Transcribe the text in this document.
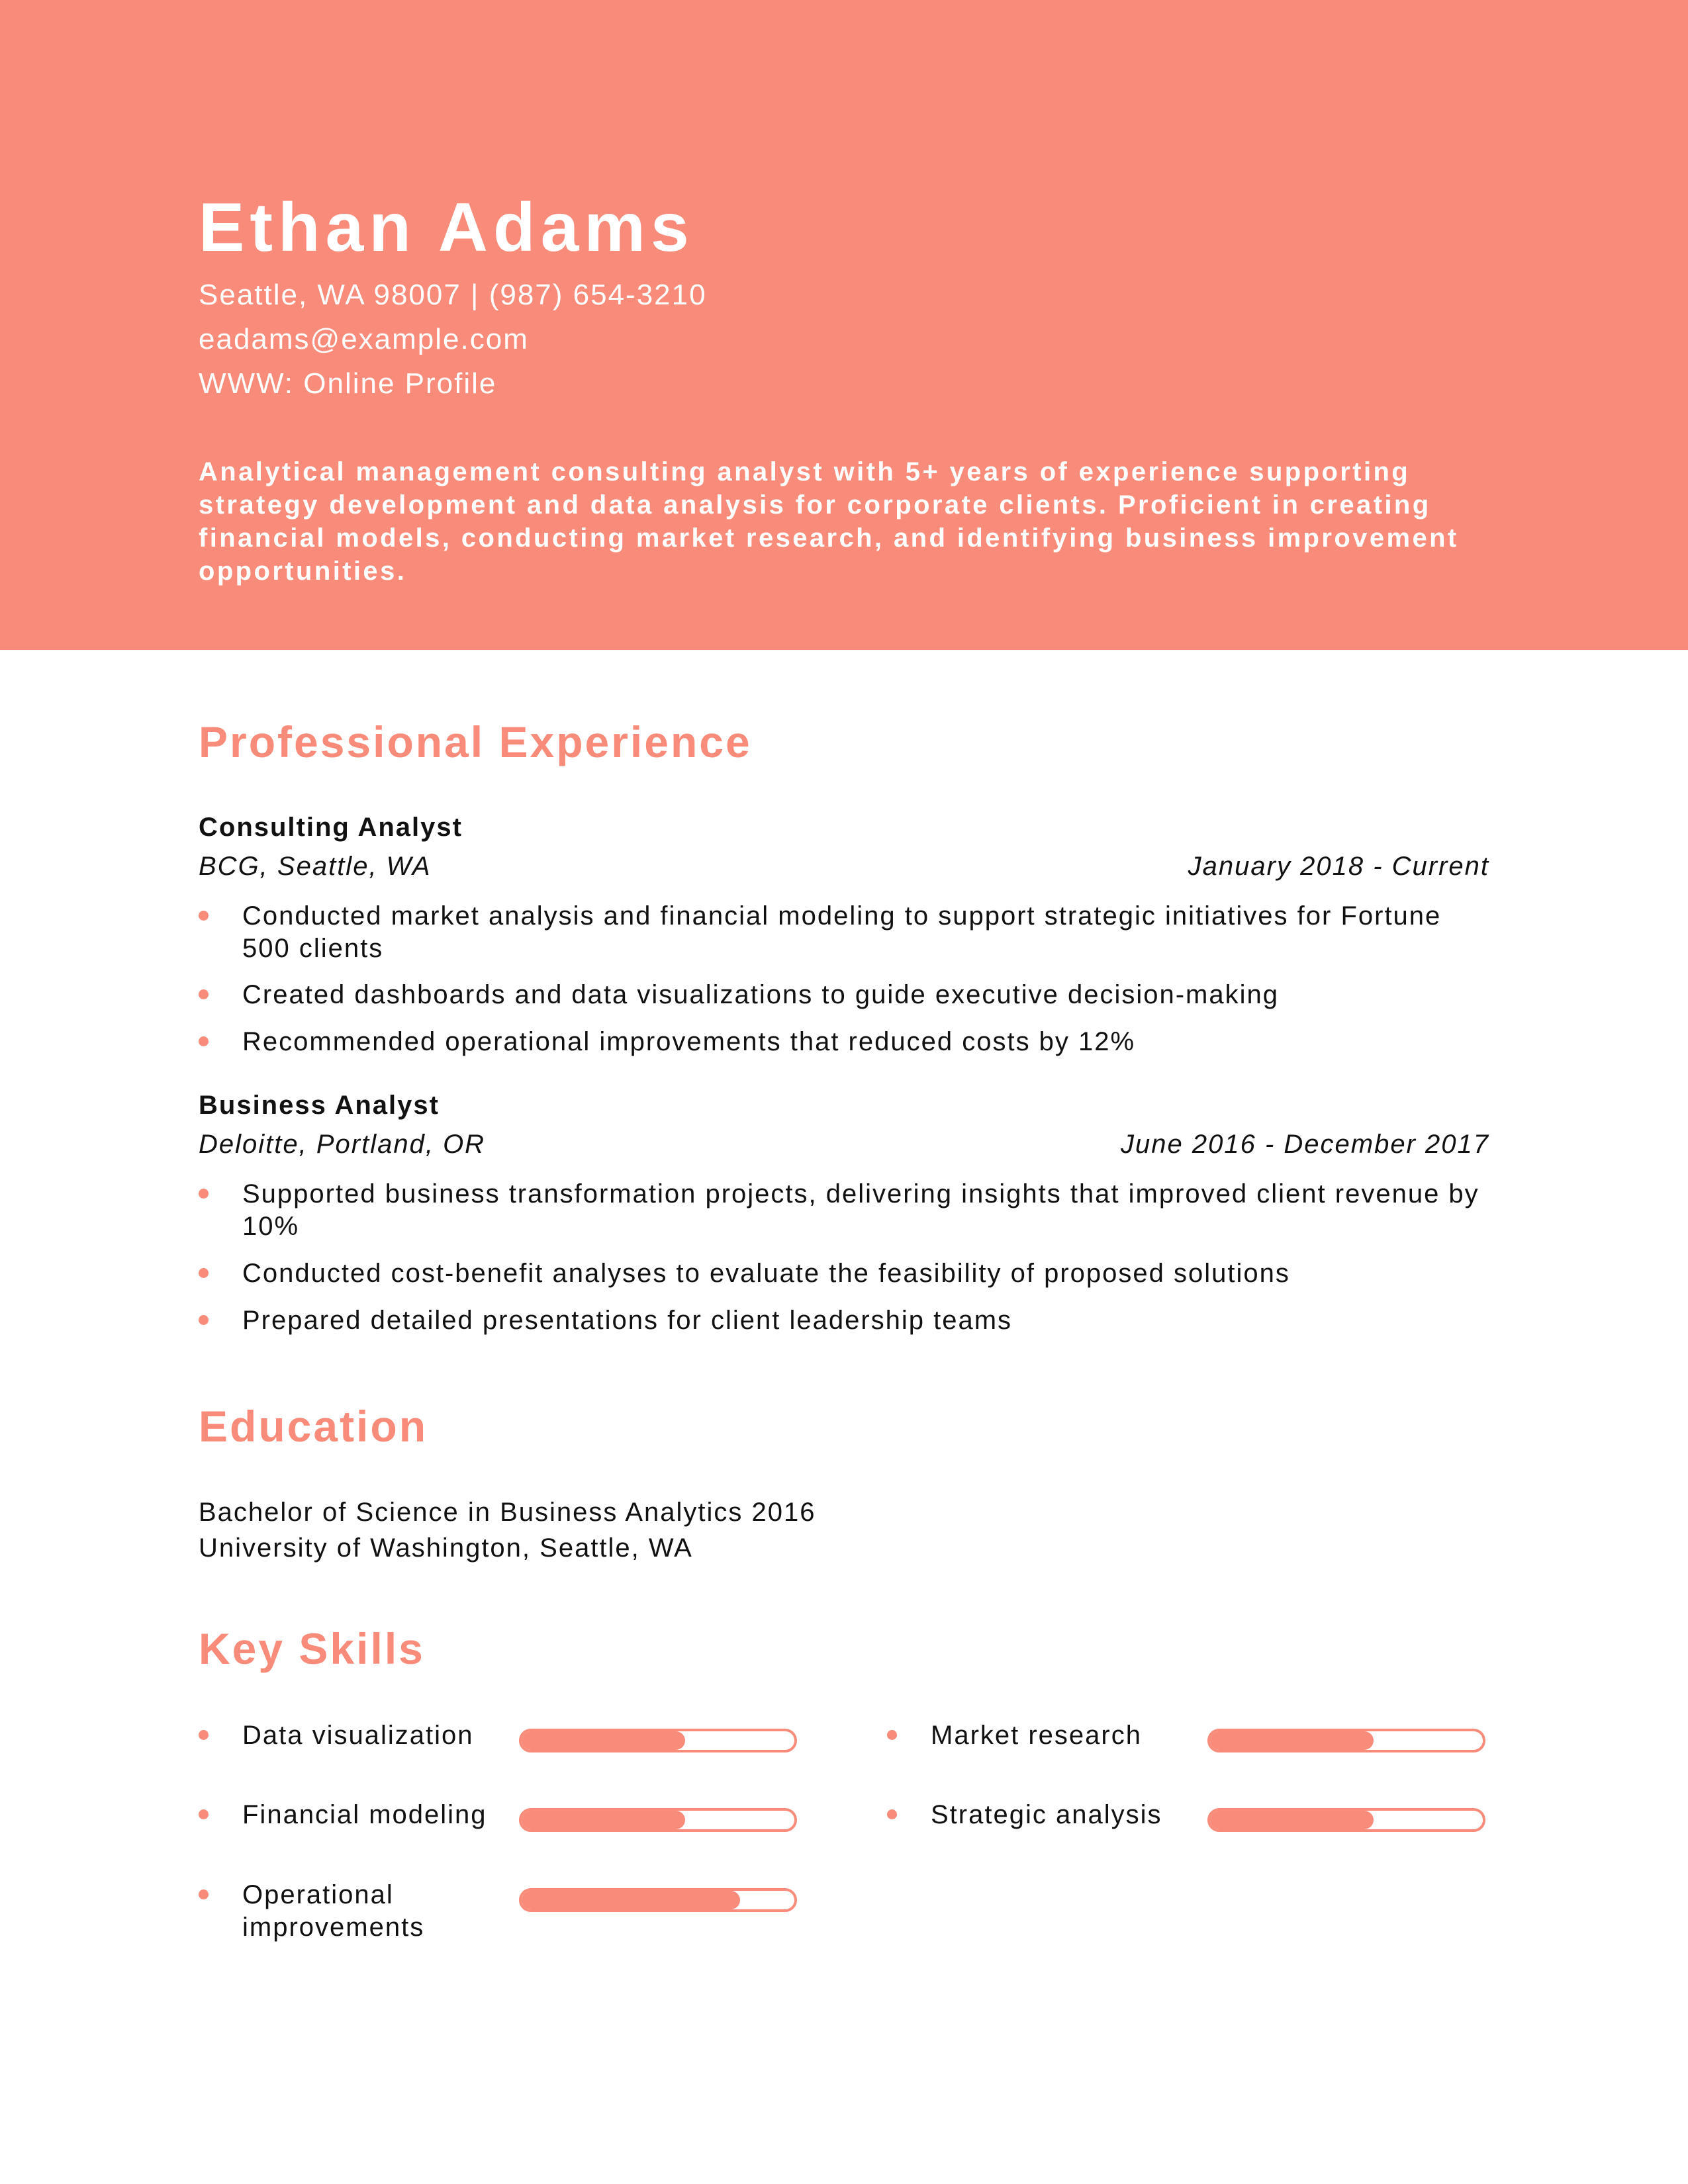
Ethan Adams
Seattle, WA 98007 | (987) 654-3210
eadams@example.com
WWW: Online Profile
Analytical management consulting analyst with 5+ years of experience supporting strategy development and data analysis for corporate clients. Proficient in creating financial models, conducting market research, and identifying business improvement opportunities.
Professional Experience
Consulting Analyst
BCG, Seattle, WA	January 2018 - Current
Conducted market analysis and financial modeling to support strategic initiatives for Fortune 500 clients
Created dashboards and data visualizations to guide executive decision-making
Recommended operational improvements that reduced costs by 12%
Business Analyst
Deloitte, Portland, OR	June 2016 - December 2017
Supported business transformation projects, delivering insights that improved client revenue by 10%
Conducted cost-benefit analyses to evaluate the feasibility of proposed solutions
Prepared detailed presentations for client leadership teams
Education
Bachelor of Science in Business Analytics 2016
University of Washington, Seattle, WA
Key Skills
Data visualization	Market research
Financial modeling	Strategic analysis
Operational improvements
